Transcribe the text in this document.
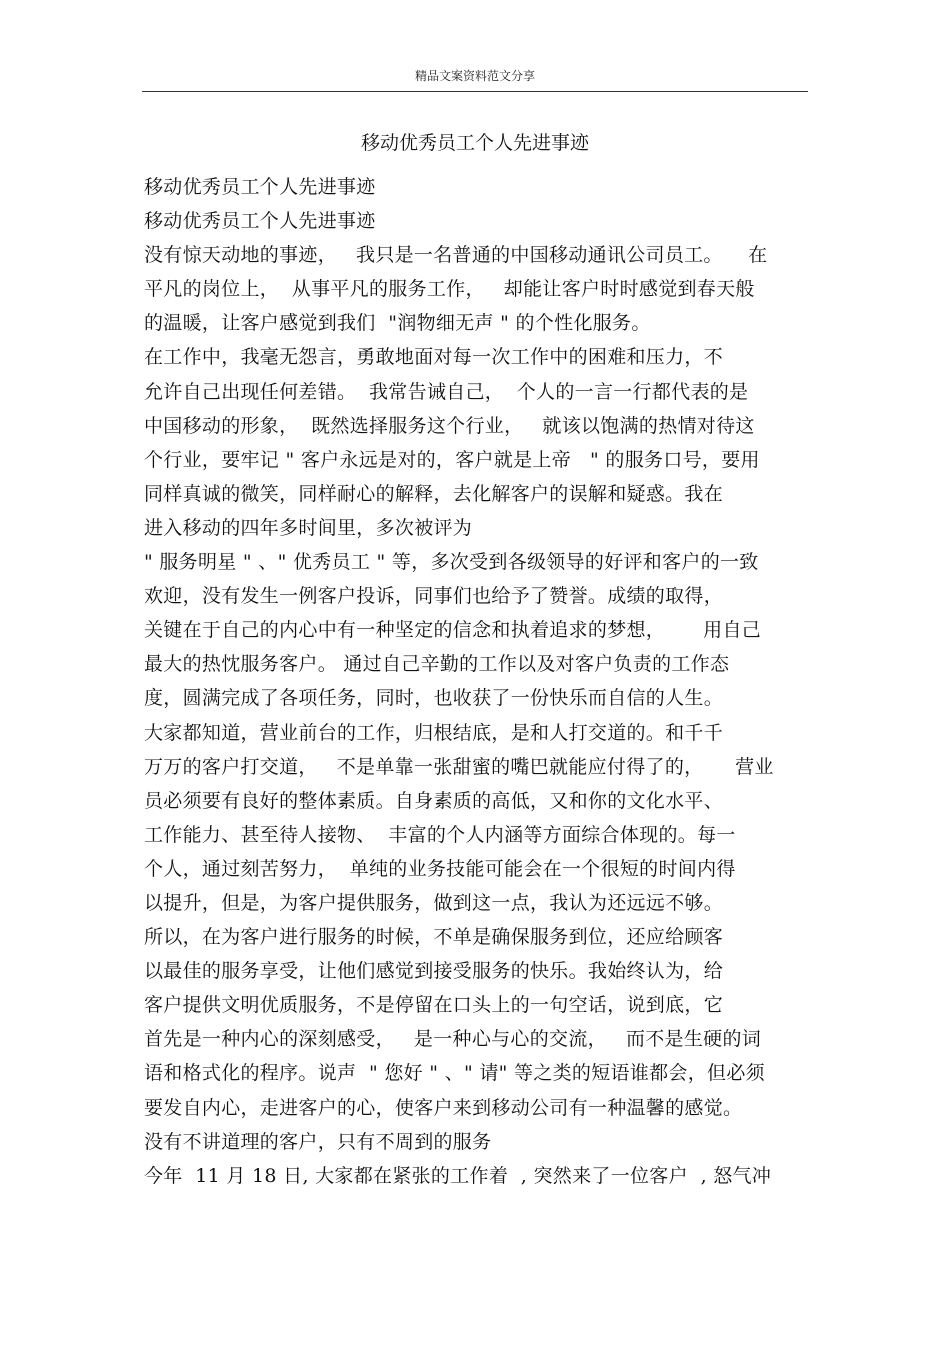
精品文案资料范文分享
移动优秀员工个人先进事迹
移动优秀员工个人先进事迹
移动优秀员工个人先进事迹
没有惊天动地的事迹，   我只是一名普通的中国移动通讯公司员工。    在
平凡的岗位上，  从事平凡的服务工作，   却能让客户时时感觉到春天般
的温暖，让客户感觉到我们  "润物细无声 " 的个性化服务。
在工作中，我毫无怨言，勇敢地面对每一次工作中的困难和压力，不
允许自己出现任何差错。  我常告诫自己，  个人的一言一行都代表的是
中国移动的形象，  既然选择服务这个行业，   就该以饱满的热情对待这
个行业，要牢记 " 客户永远是对的，客户就是上帝   " 的服务口号，要用
同样真诚的微笑，同样耐心的解释，去化解客户的误解和疑惑。我在
进入移动的四年多时间里，多次被评为
" 服务明星 " 、" 优秀员工 " 等，多次受到各级领导的好评和客户的一致
欢迎，没有发生一例客户投诉，同事们也给予了赞誉。成绩的取得，
关键在于自己的内心中有一种坚定的信念和执着追求的梦想，      用自己
最大的热忱服务客户。 通过自己辛勤的工作以及对客户负责的工作态
度，圆满完成了各项任务，同时，也收获了一份快乐而自信的人生。
大家都知道，营业前台的工作，归根结底，是和人打交道的。和千千
万万的客户打交道，   不是单靠一张甜蜜的嘴巴就能应付得了的，     营业
员必须要有良好的整体素质。自身素质的高低，又和你的文化水平、
工作能力、甚至待人接物、  丰富的个人内涵等方面综合体现的。每一
个人，通过刻苦努力，  单纯的业务技能可能会在一个很短的时间内得
以提升，但是，为客户提供服务，做到这一点，我认为还远远不够。
所以，在为客户进行服务的时候，不单是确保服务到位，还应给顾客
以最佳的服务享受，让他们感觉到接受服务的快乐。我始终认为，给
客户提供文明优质服务，不是停留在口头上的一句空话，说到底，它
首先是一种内心的深刻感受，   是一种心与心的交流，   而不是生硬的词
语和格式化的程序。说声  " 您好 " 、" 请" 等之类的短语谁都会，但必须
要发自内心，走进客户的心，使客户来到移动公司有一种温馨的感觉。
没有不讲道理的客户，只有不周到的服务
今年  11 月 18 日, 大家都在紧张的工作着  , 突然来了一位客户  , 怒气冲
